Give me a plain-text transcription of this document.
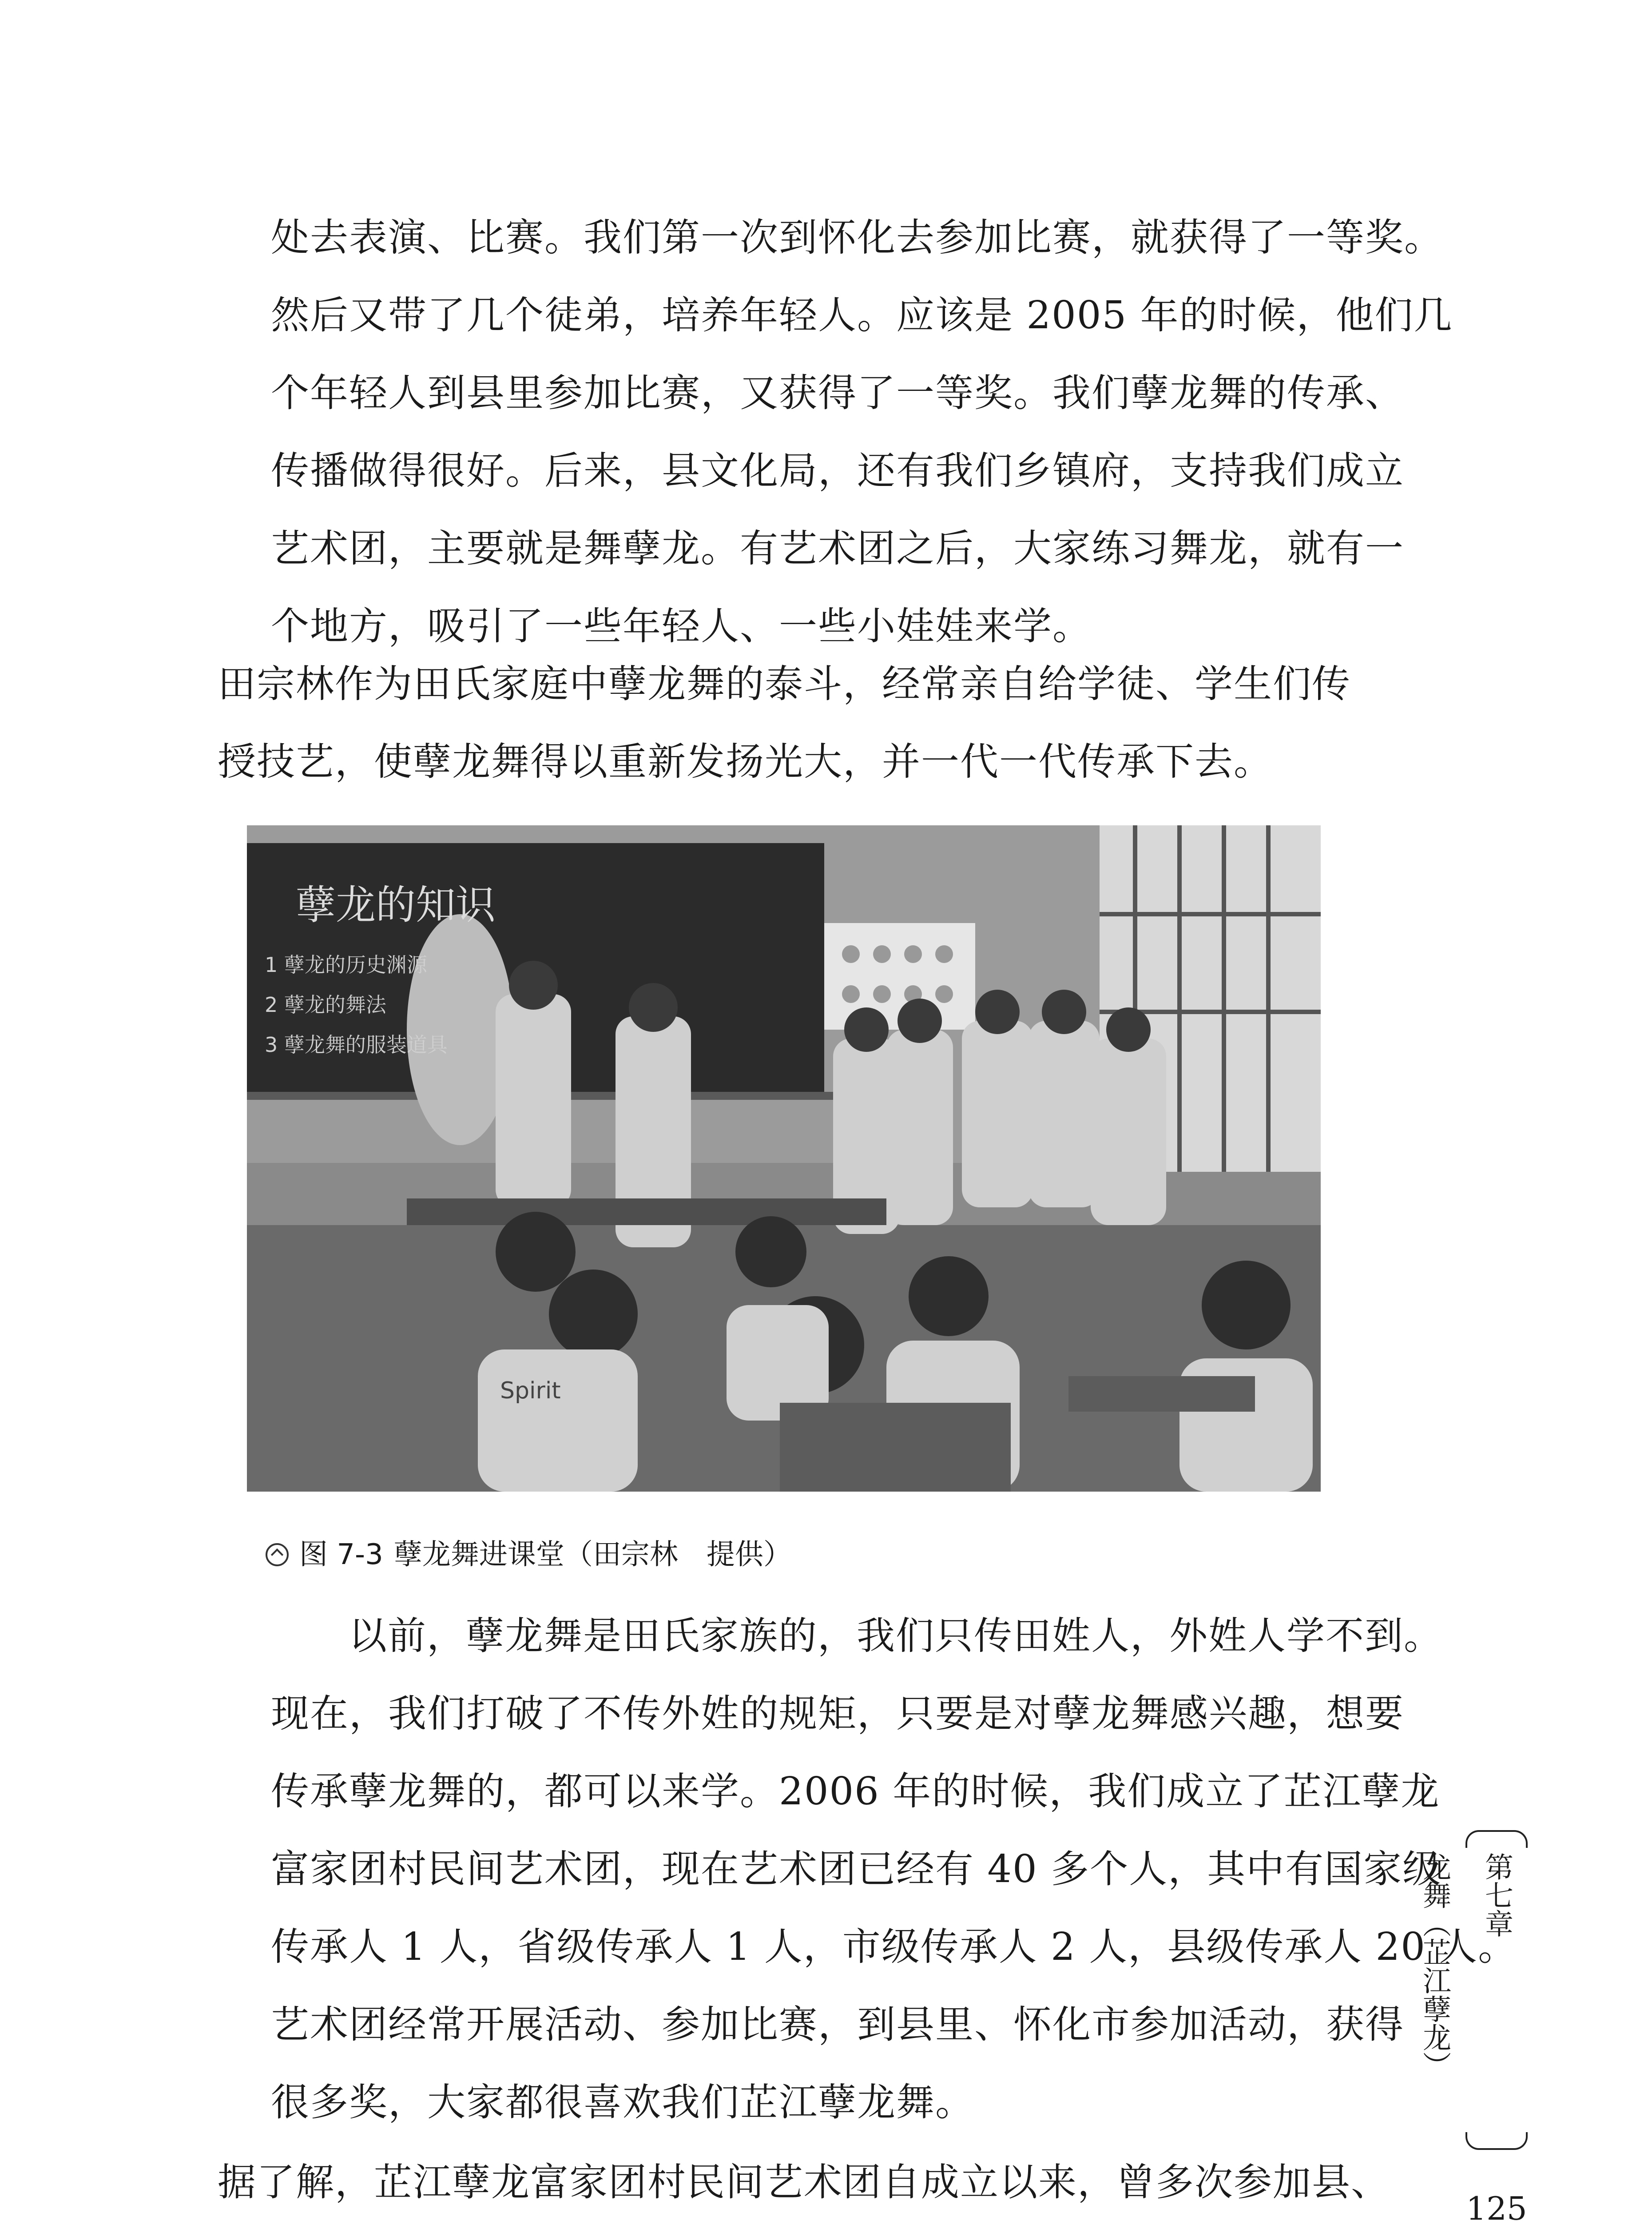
处去表演、比赛。我们第一次到怀化去参加比赛，就获得了一等奖。
然后又带了几个徒弟，培养年轻人。应该是 2005 年的时候，他们几
个年轻人到县里参加比赛，又获得了一等奖。我们孽龙舞的传承、
传播做得很好。后来，县文化局，还有我们乡镇府，支持我们成立
艺术团，主要就是舞孽龙。有艺术团之后，大家练习舞龙，就有一
个地方，吸引了一些年轻人、一些小娃娃来学。
田宗林作为田氏家庭中孽龙舞的泰斗，经常亲自给学徒、学生们传
授技艺，使孽龙舞得以重新发扬光大，并一代一代传承下去。
孽龙的知识
1 孽龙的历史渊源
2 孽龙的舞法
3 孽龙舞的服装道具
Spirit
图 7-3 孽龙舞进课堂（田宗林　提供）
以前，孽龙舞是田氏家族的，我们只传田姓人，外姓人学不到。
现在，我们打破了不传外姓的规矩，只要是对孽龙舞感兴趣，想要
传承孽龙舞的，都可以来学。2006 年的时候，我们成立了芷江孽龙
富家团村民间艺术团，现在艺术团已经有 40 多个人，其中有国家级
传承人 1 人，省级传承人 1 人，市级传承人 2 人，县级传承人 20 人。
艺术团经常开展活动、参加比赛，到县里、怀化市参加活动，获得
很多奖，大家都很喜欢我们芷江孽龙舞。
据了解，芷江孽龙富家团村民间艺术团自成立以来，曾多次参加县、
第七章
龙舞（芷江孽龙）
125
